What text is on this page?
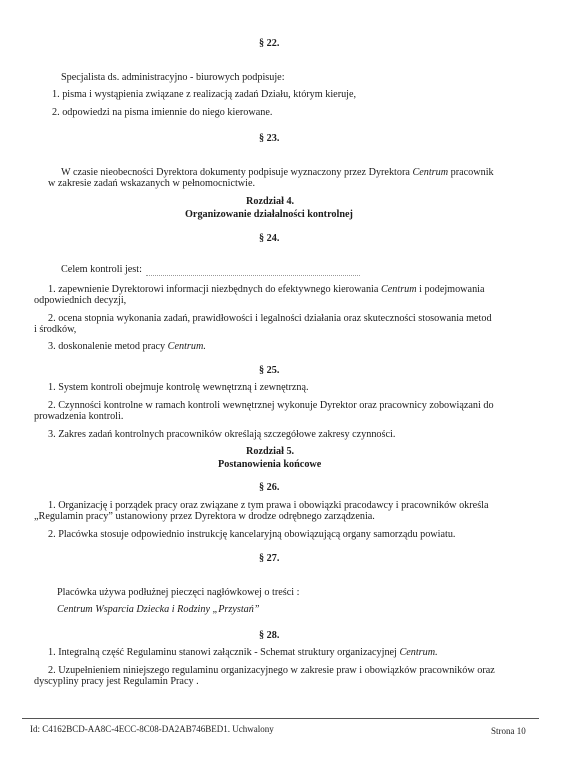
§ 22.
Specjalista ds. administracyjno - biurowych podpisuje:
1. pisma i wystąpienia związane z realizacją zadań Działu, którym kieruje,
2. odpowiedzi na pisma imiennie do niego kierowane.
§ 23.
W czasie nieobecności Dyrektora dokumenty podpisuje wyznaczony przez Dyrektora Centrum pracownik
w zakresie zadań wskazanych w pełnomocnictwie.
Rozdział 4.
Organizowanie działalności kontrolnej
§ 24.
Celem kontroli jest:
1. zapewnienie Dyrektorowi informacji niezbędnych do efektywnego kierowania Centrum i podejmowania
odpowiednich decyzji,
2. ocena stopnia wykonania zadań, prawidłowości i legalności działania oraz skuteczności stosowania metod
i środków,
3. doskonalenie metod pracy Centrum.
§ 25.
1. System kontroli obejmuje kontrolę wewnętrzną i zewnętrzną.
2. Czynności kontrolne w ramach kontroli wewnętrznej wykonuje Dyrektor oraz pracownicy zobowiązani do
prowadzenia kontroli.
3. Zakres zadań kontrolnych pracowników określają szczegółowe zakresy czynności.
Rozdział 5.
Postanowienia końcowe
§ 26.
1. Organizację i porządek pracy oraz związane z tym prawa i obowiązki pracodawcy i pracowników określa
„Regulamin pracy” ustanowiony przez Dyrektora w drodze odrębnego zarządzenia.
2. Placówka stosuje odpowiednio instrukcję kancelaryjną obowiązującą organy samorządu powiatu.
§ 27.
Placówka używa podłużnej pieczęci nagłówkowej o treści :
Centrum Wsparcia Dziecka i Rodziny „Przystań”
§ 28.
1. Integralną część Regulaminu stanowi załącznik - Schemat struktury organizacyjnej Centrum.
2. Uzupełnieniem niniejszego regulaminu organizacyjnego w zakresie praw i obowiązków pracowników oraz
dyscypliny pracy jest Regulamin Pracy .
Id: C4162BCD-AA8C-4ECC-8C08-DA2AB746BED1. Uchwalony	Strona 10
